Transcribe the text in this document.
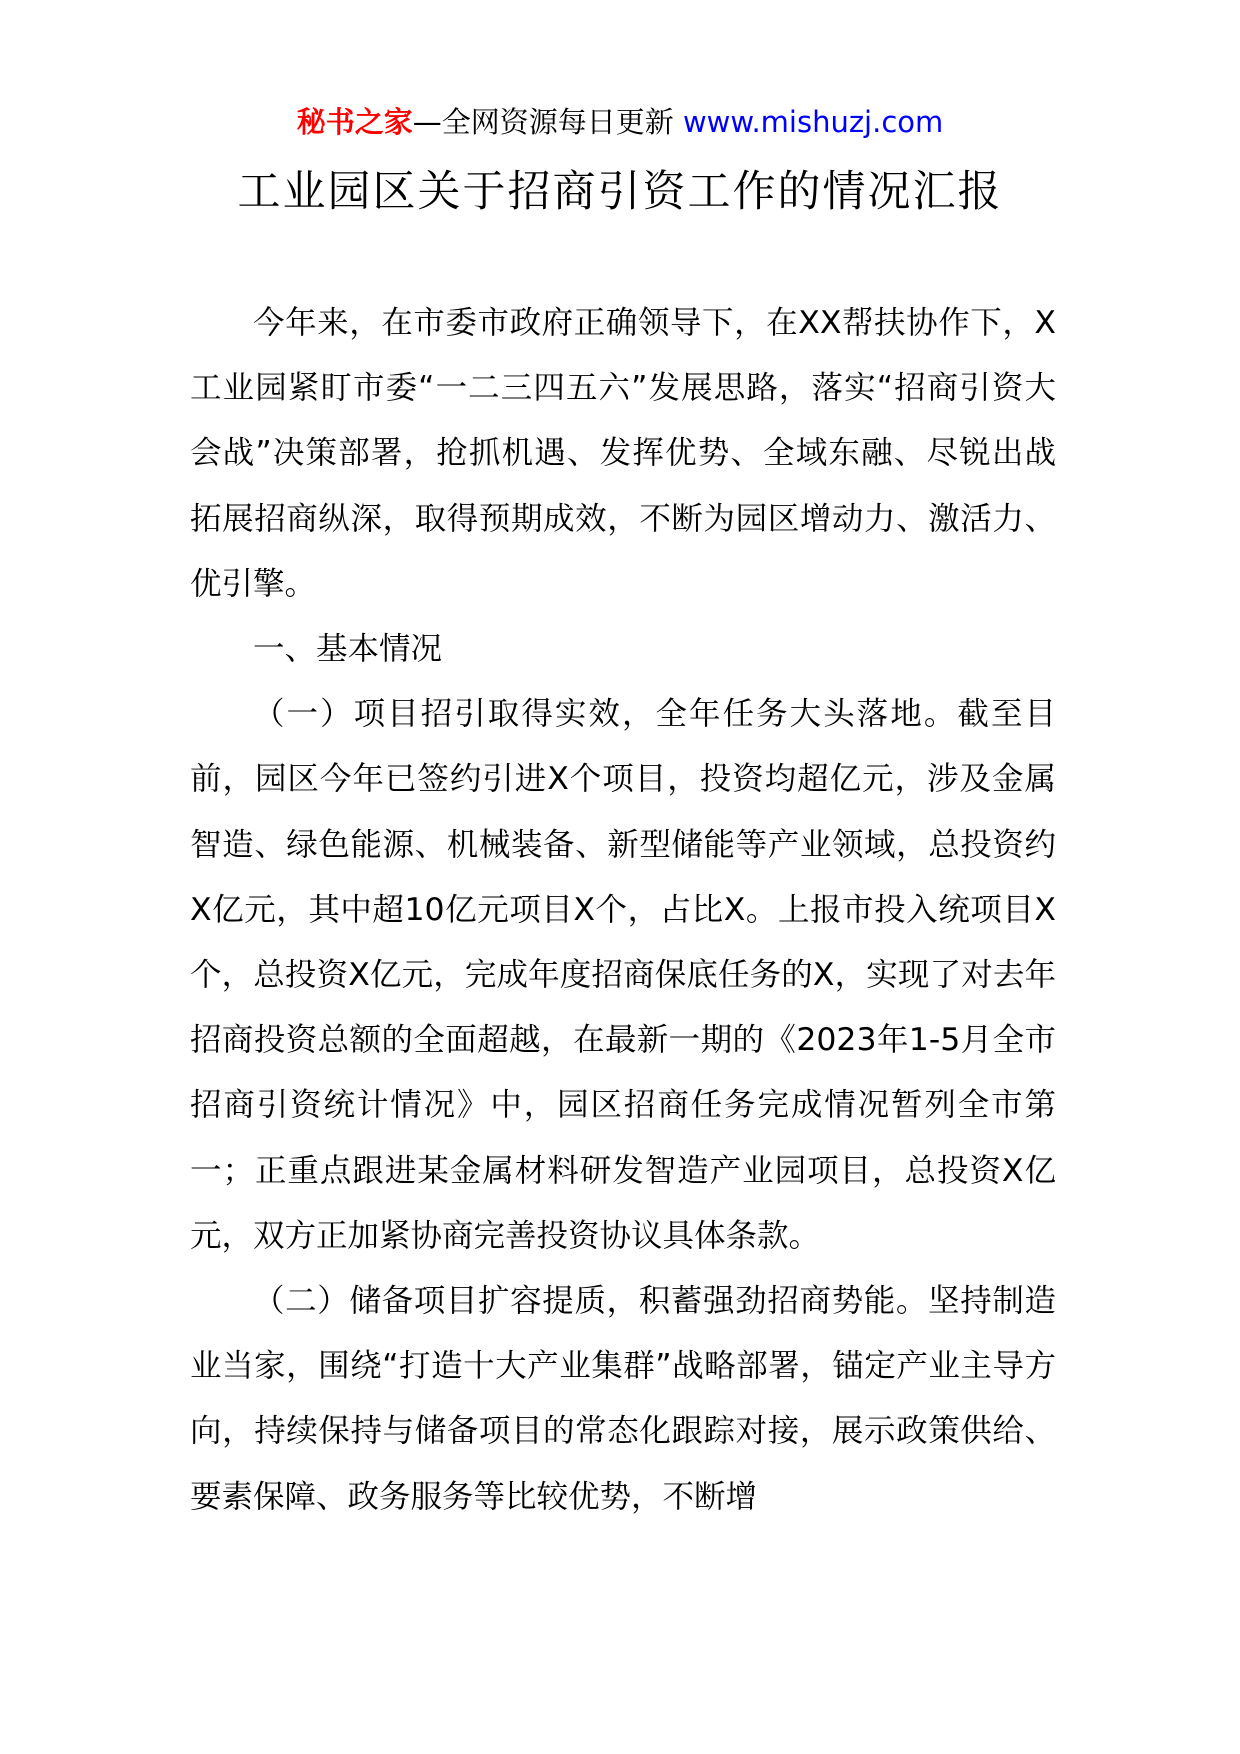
秘书之家—全网资源每日更新 www.mishuzj.com
工业园区关于招商引资工作的情况汇报

今年来，在市委市政府正确领导下，在XX帮扶协作下，X工业园紧盯市委“一二三四五六”发展思路，落实“招商引资大会战”决策部署，抢抓机遇、发挥优势、全域东融、尽锐出战拓展招商纵深，取得预期成效，不断为园区增动力、激活力、优引擎。

一、基本情况

（一）项目招引取得实效，全年任务大头落地。截至目前，园区今年已签约引进X个项目，投资均超亿元，涉及金属智造、绿色能源、机械装备、新型储能等产业领域，总投资约X亿元，其中超10亿元项目X个，占比X。上报市投入统项目X个，总投资X亿元，完成年度招商保底任务的X，实现了对去年招商投资总额的全面超越，在最新一期的《2023年1-5月全市招商引资统计情况》中，园区招商任务完成情况暂列全市第一；正重点跟进某金属材料研发智造产业园项目，总投资X亿元，双方正加紧协商完善投资协议具体条款。

（二）储备项目扩容提质，积蓄强劲招商势能。坚持制造业当家，围绕“打造十大产业集群”战略部署，锚定产业主导方向，持续保持与储备项目的常态化跟踪对接，展示政策供给、要素保障、政务服务等比较优势，不断增
